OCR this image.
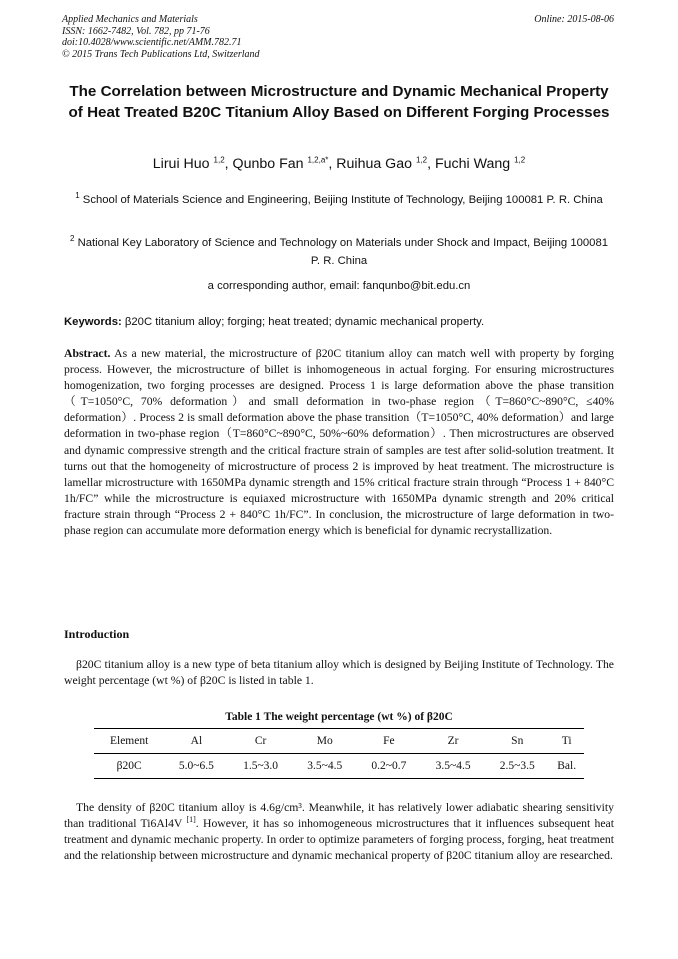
Applied Mechanics and Materials
ISSN: 1662-7482, Vol. 782, pp 71-76
doi:10.4028/www.scientific.net/AMM.782.71
© 2015 Trans Tech Publications Ltd, Switzerland
Online: 2015-08-06
The Correlation between Microstructure and Dynamic Mechanical Property of Heat Treated B20C Titanium Alloy Based on Different Forging Processes
Lirui Huo $^{1,2}$, Qunbo Fan $^{1,2,a*}$, Ruihua Gao $^{1,2}$, Fuchi Wang $^{1,2}$
$^1$ School of Materials Science and Engineering, Beijing Institute of Technology, Beijing 100081 P. R. China
$^2$ National Key Laboratory of Science and Technology on Materials under Shock and Impact, Beijing 100081 P. R. China
a corresponding author, email: fanqunbo@bit.edu.cn
Keywords: β20C titanium alloy; forging; heat treated; dynamic mechanical property.

Abstract. As a new material, the microstructure of β20C titanium alloy can match well with property by forging process. However, the microstructure of billet is inhomogeneous in actual forging. For ensuring microstructures homogenization, two forging processes are designed. Process 1 is large deformation above the phase transition（T=1050°C, 70% deformation）and small deformation in two-phase region（T=860°C~890°C, ≤40% deformation）. Process 2 is small deformation above the phase transition（T=1050°C, 40% deformation）and large deformation in two-phase region（T=860°C~890°C, 50%~60% deformation）. Then microstructures are observed and dynamic compressive strength and the critical fracture strain of samples are test after solid-solution treatment. It turns out that the homogeneity of microstructure of process 2 is improved by heat treatment. The microstructure is lamellar microstructure with 1650MPa dynamic strength and 15% critical fracture strain through “Process 1 + 840°C 1h/FC” while the microstructure is equiaxed microstructure with 1650MPa dynamic strength and 20% critical fracture strain through “Process 2 + 840°C 1h/FC”. In conclusion, the microstructure of large deformation in two-phase region can accumulate more deformation energy which is beneficial for dynamic recrystallization.

Introduction

β20C titanium alloy is a new type of beta titanium alloy which is designed by Beijing Institute of Technology. The weight percentage (wt %) of β20C is listed in table 1.

Table 1 The weight percentage (wt %) of β20C
Element	Al	Cr	Mo	Fe	Zr	Sn	Ti
β20C	5.0~6.5	1.5~3.0	3.5~4.5	0.2~0.7	3.5~4.5	2.5~3.5	Bal.

The density of β20C titanium alloy is 4.6g/cm³. Meanwhile, it has relatively lower adiabatic shearing sensitivity than traditional Ti6Al4V [1]. However, it has so inhomogeneous microstructures that it influences subsequent heat treatment and dynamic mechanic property. In order to optimize parameters of forging process, forging, heat treatment and the relationship between microstructure and dynamic mechanical property of β20C titanium alloy are researched.
